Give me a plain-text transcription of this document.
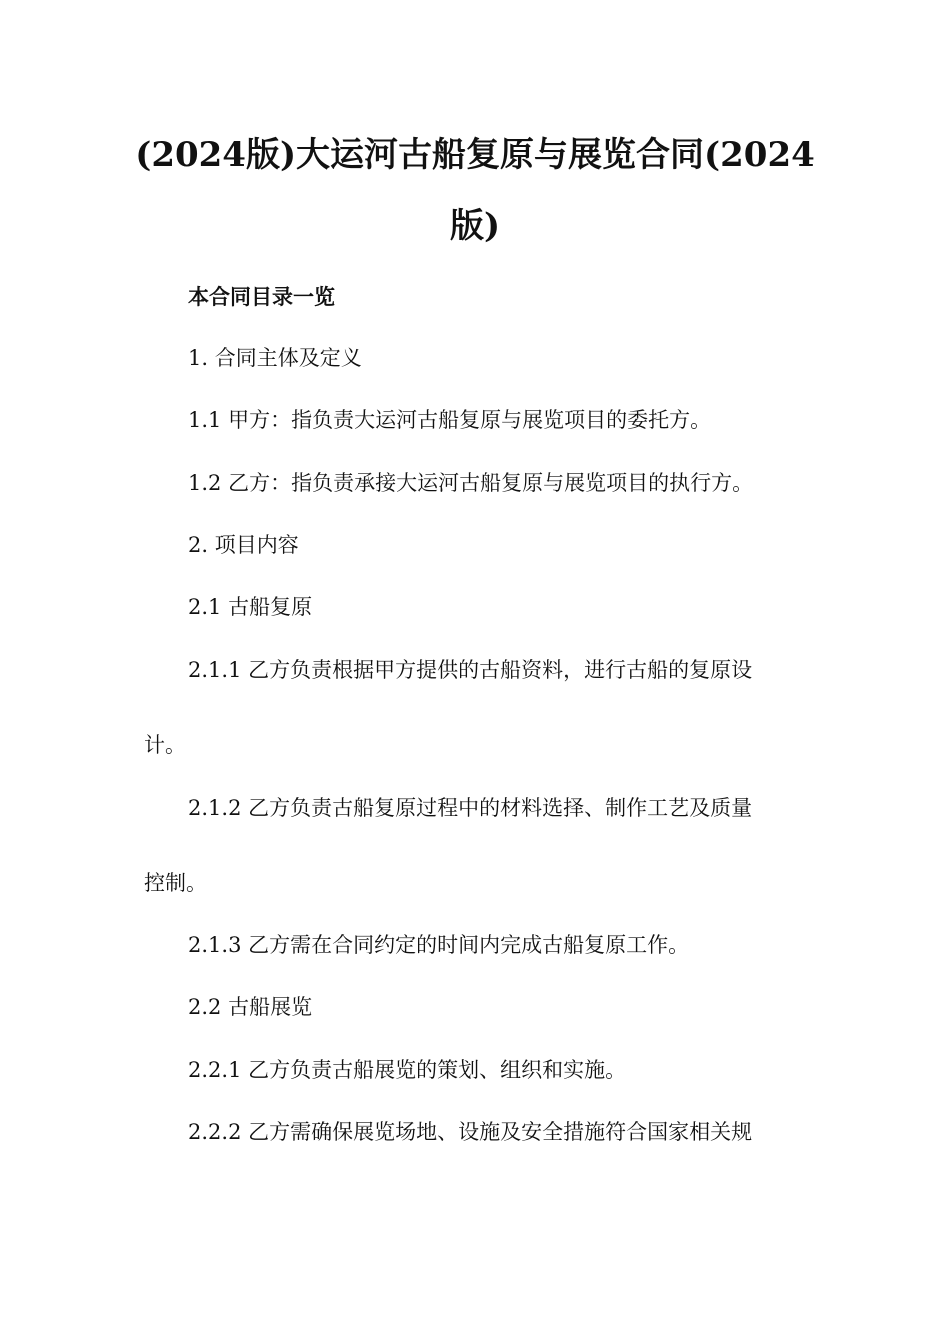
(2024版)大运河古船复原与展览合同(2024
版)

本合同目录一览

1. 合同主体及定义

1.1 甲方：指负责大运河古船复原与展览项目的委托方。

1.2 乙方：指负责承接大运河古船复原与展览项目的执行方。

2. 项目内容

2.1 古船复原

2.1.1 乙方负责根据甲方提供的古船资料，进行古船的复原设

计。

2.1.2 乙方负责古船复原过程中的材料选择、制作工艺及质量

控制。

2.1.3 乙方需在合同约定的时间内完成古船复原工作。

2.2 古船展览

2.2.1 乙方负责古船展览的策划、组织和实施。

2.2.2 乙方需确保展览场地、设施及安全措施符合国家相关规
